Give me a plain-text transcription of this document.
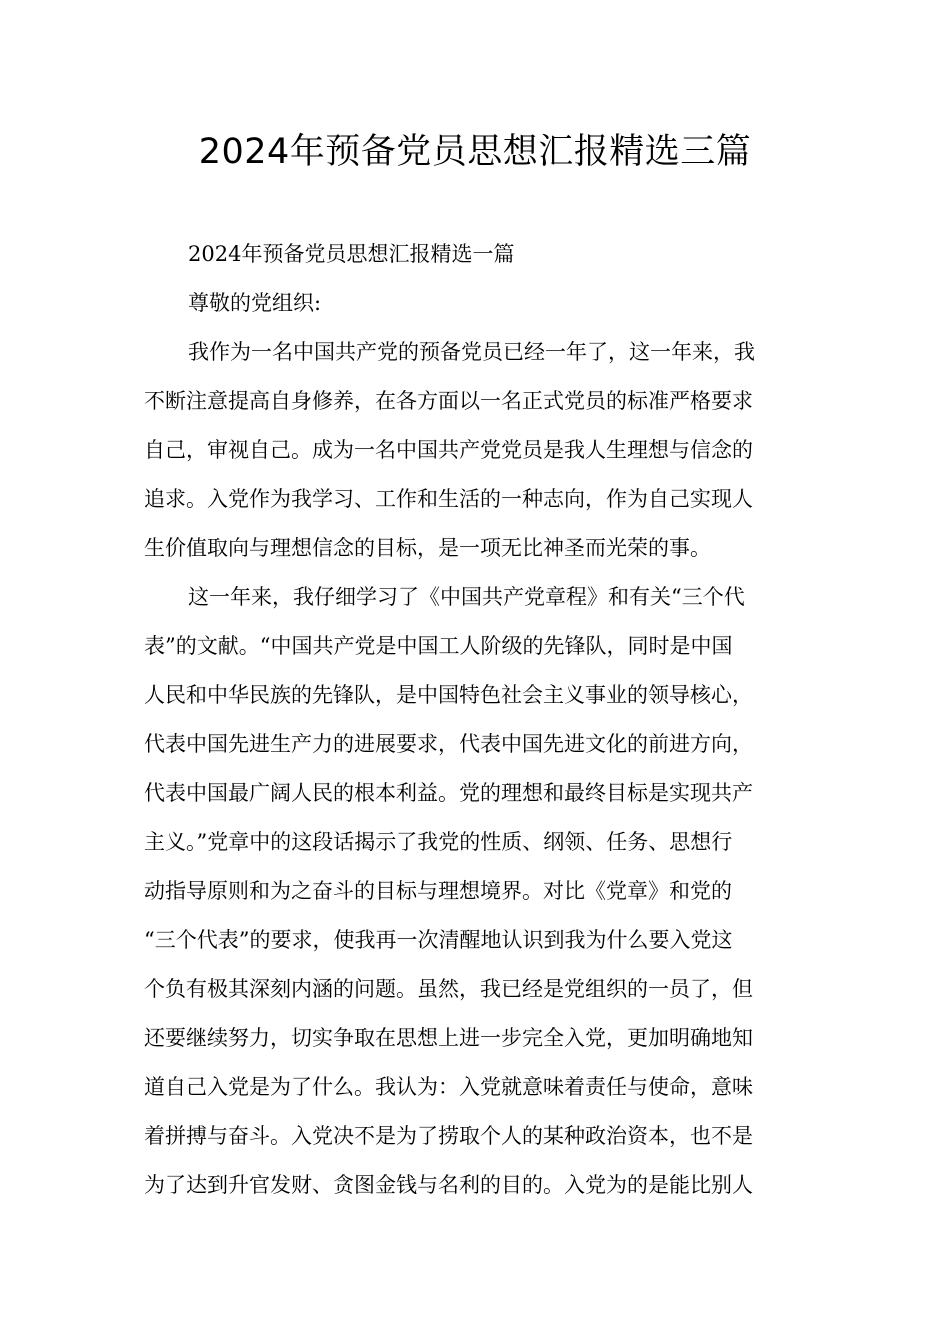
2024年预备党员思想汇报精选三篇
2024年预备党员思想汇报精选一篇
尊敬的党组织:
我作为一名中国共产党的预备党员已经一年了，这一年来，我
不断注意提高自身修养，在各方面以一名正式党员的标准严格要求
自己，审视自己。成为一名中国共产党党员是我人生理想与信念的
追求。入党作为我学习、工作和生活的一种志向，作为自己实现人
生价值取向与理想信念的目标，是一项无比神圣而光荣的事。
这一年来，我仔细学习了《中国共产党章程》和有关“三个代
表”的文献。“中国共产党是中国工人阶级的先锋队，同时是中国
人民和中华民族的先锋队，是中国特色社会主义事业的领导核心，
代表中国先进生产力的进展要求，代表中国先进文化的前进方向，
代表中国最广阔人民的根本利益。党的理想和最终目标是实现共产
主义。”党章中的这段话揭示了我党的性质、纲领、任务、思想行
动指导原则和为之奋斗的目标与理想境界。对比《党章》和党的
“三个代表”的要求，使我再一次清醒地认识到我为什么要入党这
个负有极其深刻内涵的问题。虽然，我已经是党组织的一员了，但
还要继续努力，切实争取在思想上进一步完全入党，更加明确地知
道自己入党是为了什么。我认为：入党就意味着责任与使命，意味
着拼搏与奋斗。入党决不是为了捞取个人的某种政治资本，也不是
为了达到升官发财、贪图金钱与名利的目的。入党为的是能比别人
